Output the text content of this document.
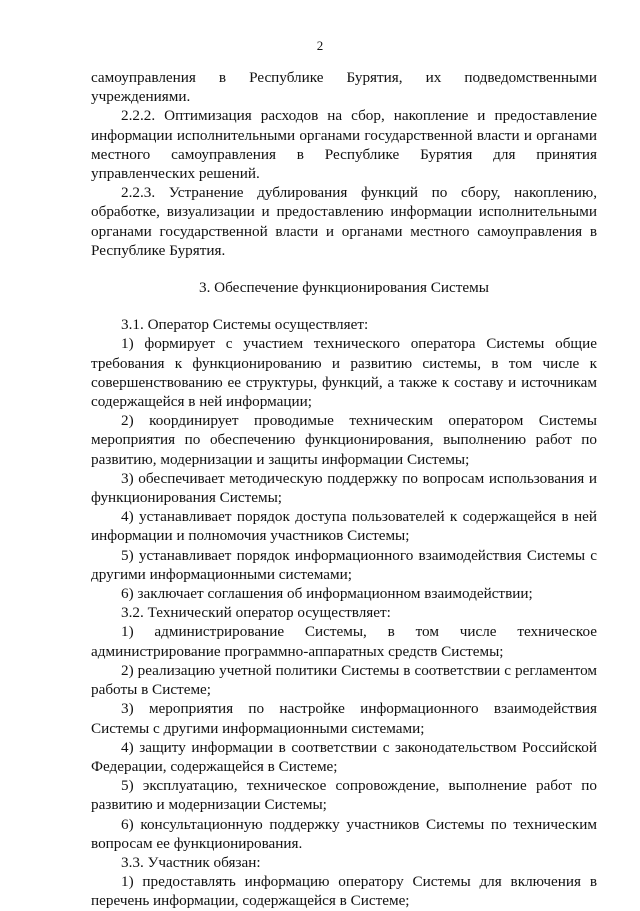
2

самоуправления в Республике Бурятия, их подведомственными учреждениями.

2.2.2. Оптимизация расходов на сбор, накопление и предоставление информации исполнительными органами государственной власти и органами местного самоуправления в Республике Бурятия для принятия управленческих решений.

2.2.3. Устранение дублирования функций по сбору, накоплению, обработке, визуализации и предоставлению информации исполнительными органами государственной власти и органами местного самоуправления в Республике Бурятия.

3. Обеспечение функционирования Системы

3.1. Оператор Системы осуществляет:

1) формирует с участием технического оператора Системы общие требования к функционированию и развитию системы, в том числе к совершенствованию ее структуры, функций, а также к составу и источникам содержащейся в ней информации;

2) координирует проводимые техническим оператором Системы мероприятия по обеспечению функционирования, выполнению работ по развитию, модернизации и защиты информации Системы;

3) обеспечивает методическую поддержку по вопросам использования и функционирования Системы;

4) устанавливает порядок доступа пользователей к содержащейся в ней информации и полномочия участников Системы;

5) устанавливает порядок информационного взаимодействия Системы с другими информационными системами;

6) заключает соглашения об информационном взаимодействии;

3.2. Технический оператор осуществляет:

1) администрирование Системы, в том числе техническое администрирование программно-аппаратных средств Системы;

2) реализацию учетной политики Системы в соответствии с регламентом работы в Системе;

3) мероприятия по настройке информационного взаимодействия Системы с другими информационными системами;

4) защиту информации в соответствии с законодательством Российской Федерации, содержащейся в Системе;

5) эксплуатацию, техническое сопровождение, выполнение работ по развитию и модернизации Системы;

6) консультационную поддержку участников Системы по техническим вопросам ее функционирования.

3.3. Участник обязан:

1) предоставлять информацию оператору Системы для включения в перечень информации, содержащейся в Системе;
